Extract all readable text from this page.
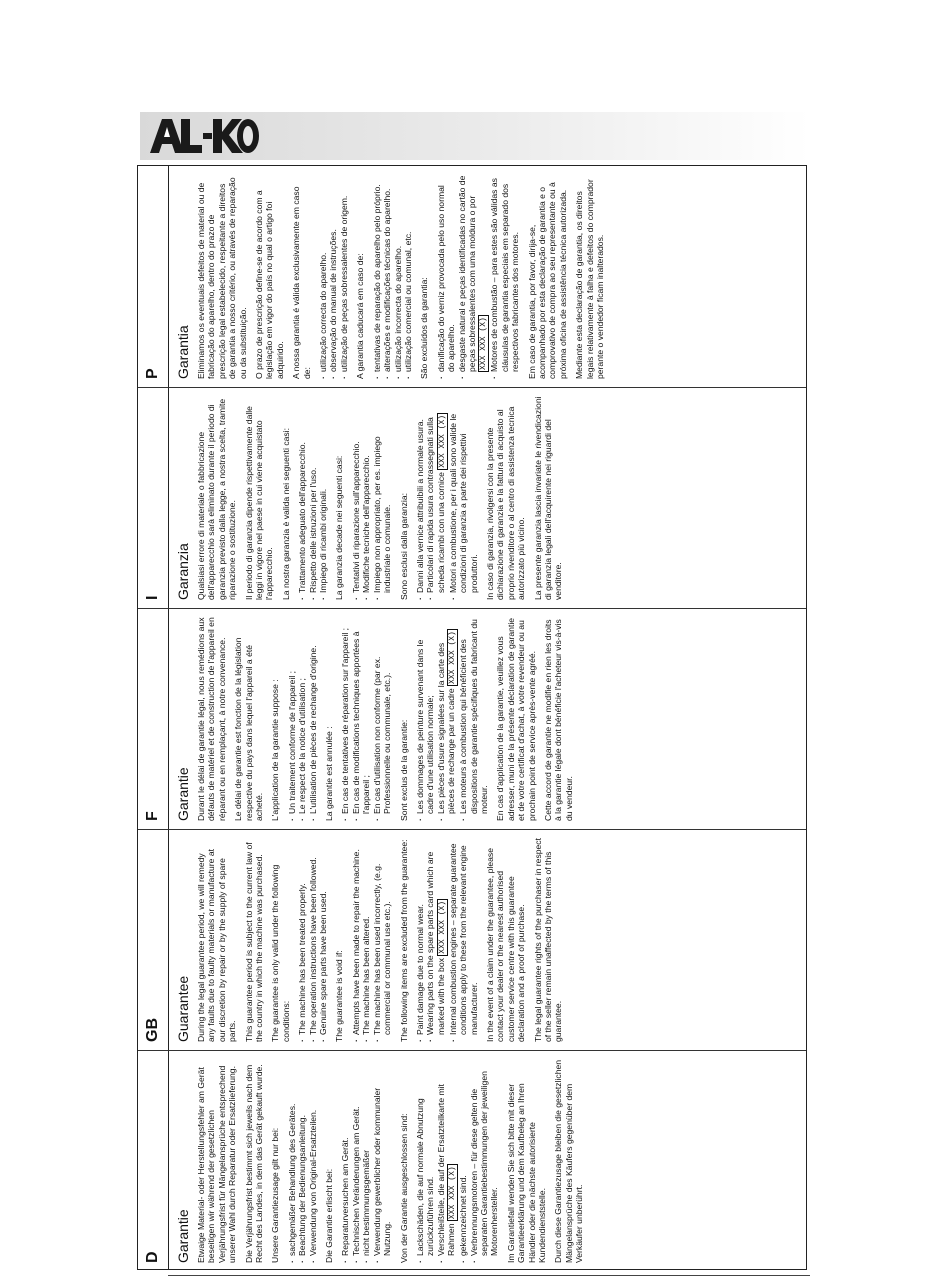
D	Garantie Etwaige Material- oder Herstellungsfehler am Gerät beseitigen wir während der gesetzlichen Verjährungsfrist für Mängelansprüche entsprechend unserer Wahl durch Reparatur oder Ersatzlieferung. Die Verjährungsfrist bestimmt sich jeweils nach dem Recht des Landes, in dem das Gerät gekauft wurde. Unsere Garantiezusage gilt nur bei: · sachgemäßer Behandlung des Gerätes. · Beachtung der Bedienungsanleitung. · Verwendung von Original-Ersatzteilen. Die Garantie erlischt bei: · Reparaturversuchen am Gerät. · Technischen Veränderungen am Gerät. · nicht bestimmungsgemäßer · Verwendung gewerblicher oder kommunaler Nutzung. Von der Garantie ausgeschlossen sind: · Lackschäden, die auf normale Abnutzung zurückzuführen sind. · Verschleißteile, die auf der Ersatzteilkarte mit Rahmen XXX XXX (X) · gekennzeichnet sind. · Verbrennungsmotoren – für diese gelten die separaten Garantiebestimmungen der jeweiligen Motorenhersteller. Im Garantiefall wenden Sie sich bitte mit dieser Garantieerklärung und dem Kaufbeleg an Ihren Händler oder die nächste autorisierte Kundendienststelle. Durch diese Garantiezusage bleiben die gesetzlichen Mängelansprüche des Käufers gegenüber dem Verkäufer unberührt.

GB	Guarantee During the legal guarantee period, we will remedy any faults due to faulty materials or manufacture at our discretion by repair or by the supply of spare parts. This guarantee period is subject to the current law of the country in which the machine was purchased. The guarantee is only valid under the following conditions: · The machine has been treated properly. · The operation instructions have been followed. · Genuine spare parts have been used. The guarantee is void if: · Attempts have been made to repair the machine. · The machine has been altered. · The machine has been used incorrectly, (e.g. commercial or communal use etc.). The following items are excluded from the guarantee: · Paint damage due to normal wear. · Wearing parts on the spare parts card which are marked with the box XXX XXX (X) · Internal combustion engines – separate guarantee conditions apply to these from the relevant engine manufacturer. In the event of a claim under the guarantee, please contact your dealer or the nearest authorised customer service centre with this guarantee declaration and a proof of purchase. The legal guarantee rights of the purchaser in respect of the seller remain unaffected by the terms of this guarantee.

F	Garantie Durant le délai de garantie légal, nous remédions aux défauts de matériel et de construction de l'appareil en réparant ou en remplaçant, à notre convenance. Le délai de garantie est fonction de la législation respective du pays dans lequel l'appareil a été acheté. L'application de la garantie suppose : · Un traitement conforme de l'appareil ; · Le respect de la notice d'utilisation ; · L'utilisation de pièces de rechange d'origine. La garantie est annulée : · En cas de tentatives de réparation sur l'appareil ; · En cas de modifications techniques apportées à l'appareil ; · En cas d'utilisation non conforme (par ex. Professionnelle ou communale, etc.). Sont exclus de la garantie: · Les dommages de peinture survenant dans le cadre d'une utilisation normale; · Les pièces d'usure signalées sur la carte des pièces de rechange par un cadre XXX XXX (X) · Les moteurs à combustion qui bénéficient des dispositions de garantie spécifiques du fabricant du moteur. En cas d'application de la garantie, veuillez vous adresser, muni de la présente déclaration de garantie et de votre certificat d'achat, à votre revendeur ou au prochain point de service après-vente agréé. Cette accord de garantie ne modifie en rien les droits à la garantie légale dont bénéficie l'acheteur vis-à-vis du vendeur.

I	Garanzia Qualsiasi errore di materiale o fabbricazione dell'apparecchio sarà eliminato durante il periodo di garanzia previsto dalla legge, a nostra scelta, tramite riparazione o sostituzione. Il periodo di garanzia dipende rispettivamente dalle leggi in vigore nel paese in cui viene acquistato l'apparecchio. La nostra garanzia è valida nei seguenti casi: · Trattamento adeguato dell'apparecchio. · Rispetto delle istruzioni per l'uso. · Impiego di ricambi originali. La garanzia decade nei seguenti casi: · Tentativi di riparazione sull'apparecchio. · Modifiche tecniche dell'apparecchio. · Impiego non appropriato, per es. impiego industriale o comunale. Sono esclusi dalla garanzia: · Danni alla vernice attribuibili a normale usura. · Particolari di rapida usura contrassegnati sulla scheda ricambi con una cornice XXX XXX (X) · Motori a combustione, per i quali sono valide le condizioni di garanzia a parte dei rispettivi produttori. In caso di garanzia, rivolgersi con la presente dichiarazione di garanzia e la fattura di acquisto al proprio rivenditore o al centro di assistenza tecnica autorizzato più vicino. La presente garanzia lascia invariate le rivendicazioni di garanzia legali dell'acquirente nei riguardi del venditore.

P	Garantia Eliminamos os eventuais defeitos de material ou de fabricação do aparelho, dentro do prazo de prescrição legal estabelecido, respeitante a direitos de garantia a nosso critério, ou através de reparação ou da substituição. O prazo de prescrição define-se de acordo com a legislação em vigor do país no qual o artigo foi adquirido. A nossa garantia é válida exclusivamente em caso de:

· utilização correcta do aparelho. · observação do manual de instruções. · utilização de peças sobressalentes de origem. A garantia caducará em caso de: · tentativas de reparação do aparelho pelo próprio. · alterações e modificações técnicas do aparelho. · utilização incorrecta do aparelho. · utilização comercial ou comunal, etc. São excluídos da garantia: · danificação do verniz provocada pelo uso normal do aparelho. · desgaste natural e peças identificadas no cartão de peças sobressalentes com uma moldura o por XXX XXX (X) · Motores de combustão – para estes são válidas as cláusulas de garantia especiais em separado dos respectivos fabricantes dos motores. Em caso de garantia, por favor, dirija-se, acompanhado por esta declaração de garantia e o comprovativo de compra ao seu representante ou à próxima oficina de assistência técnica autorizada. Mediante esta declaração de garantia, os direitos legais relativamente à falha e defeitos do comprador perante o vendedor ficam inalterados.
